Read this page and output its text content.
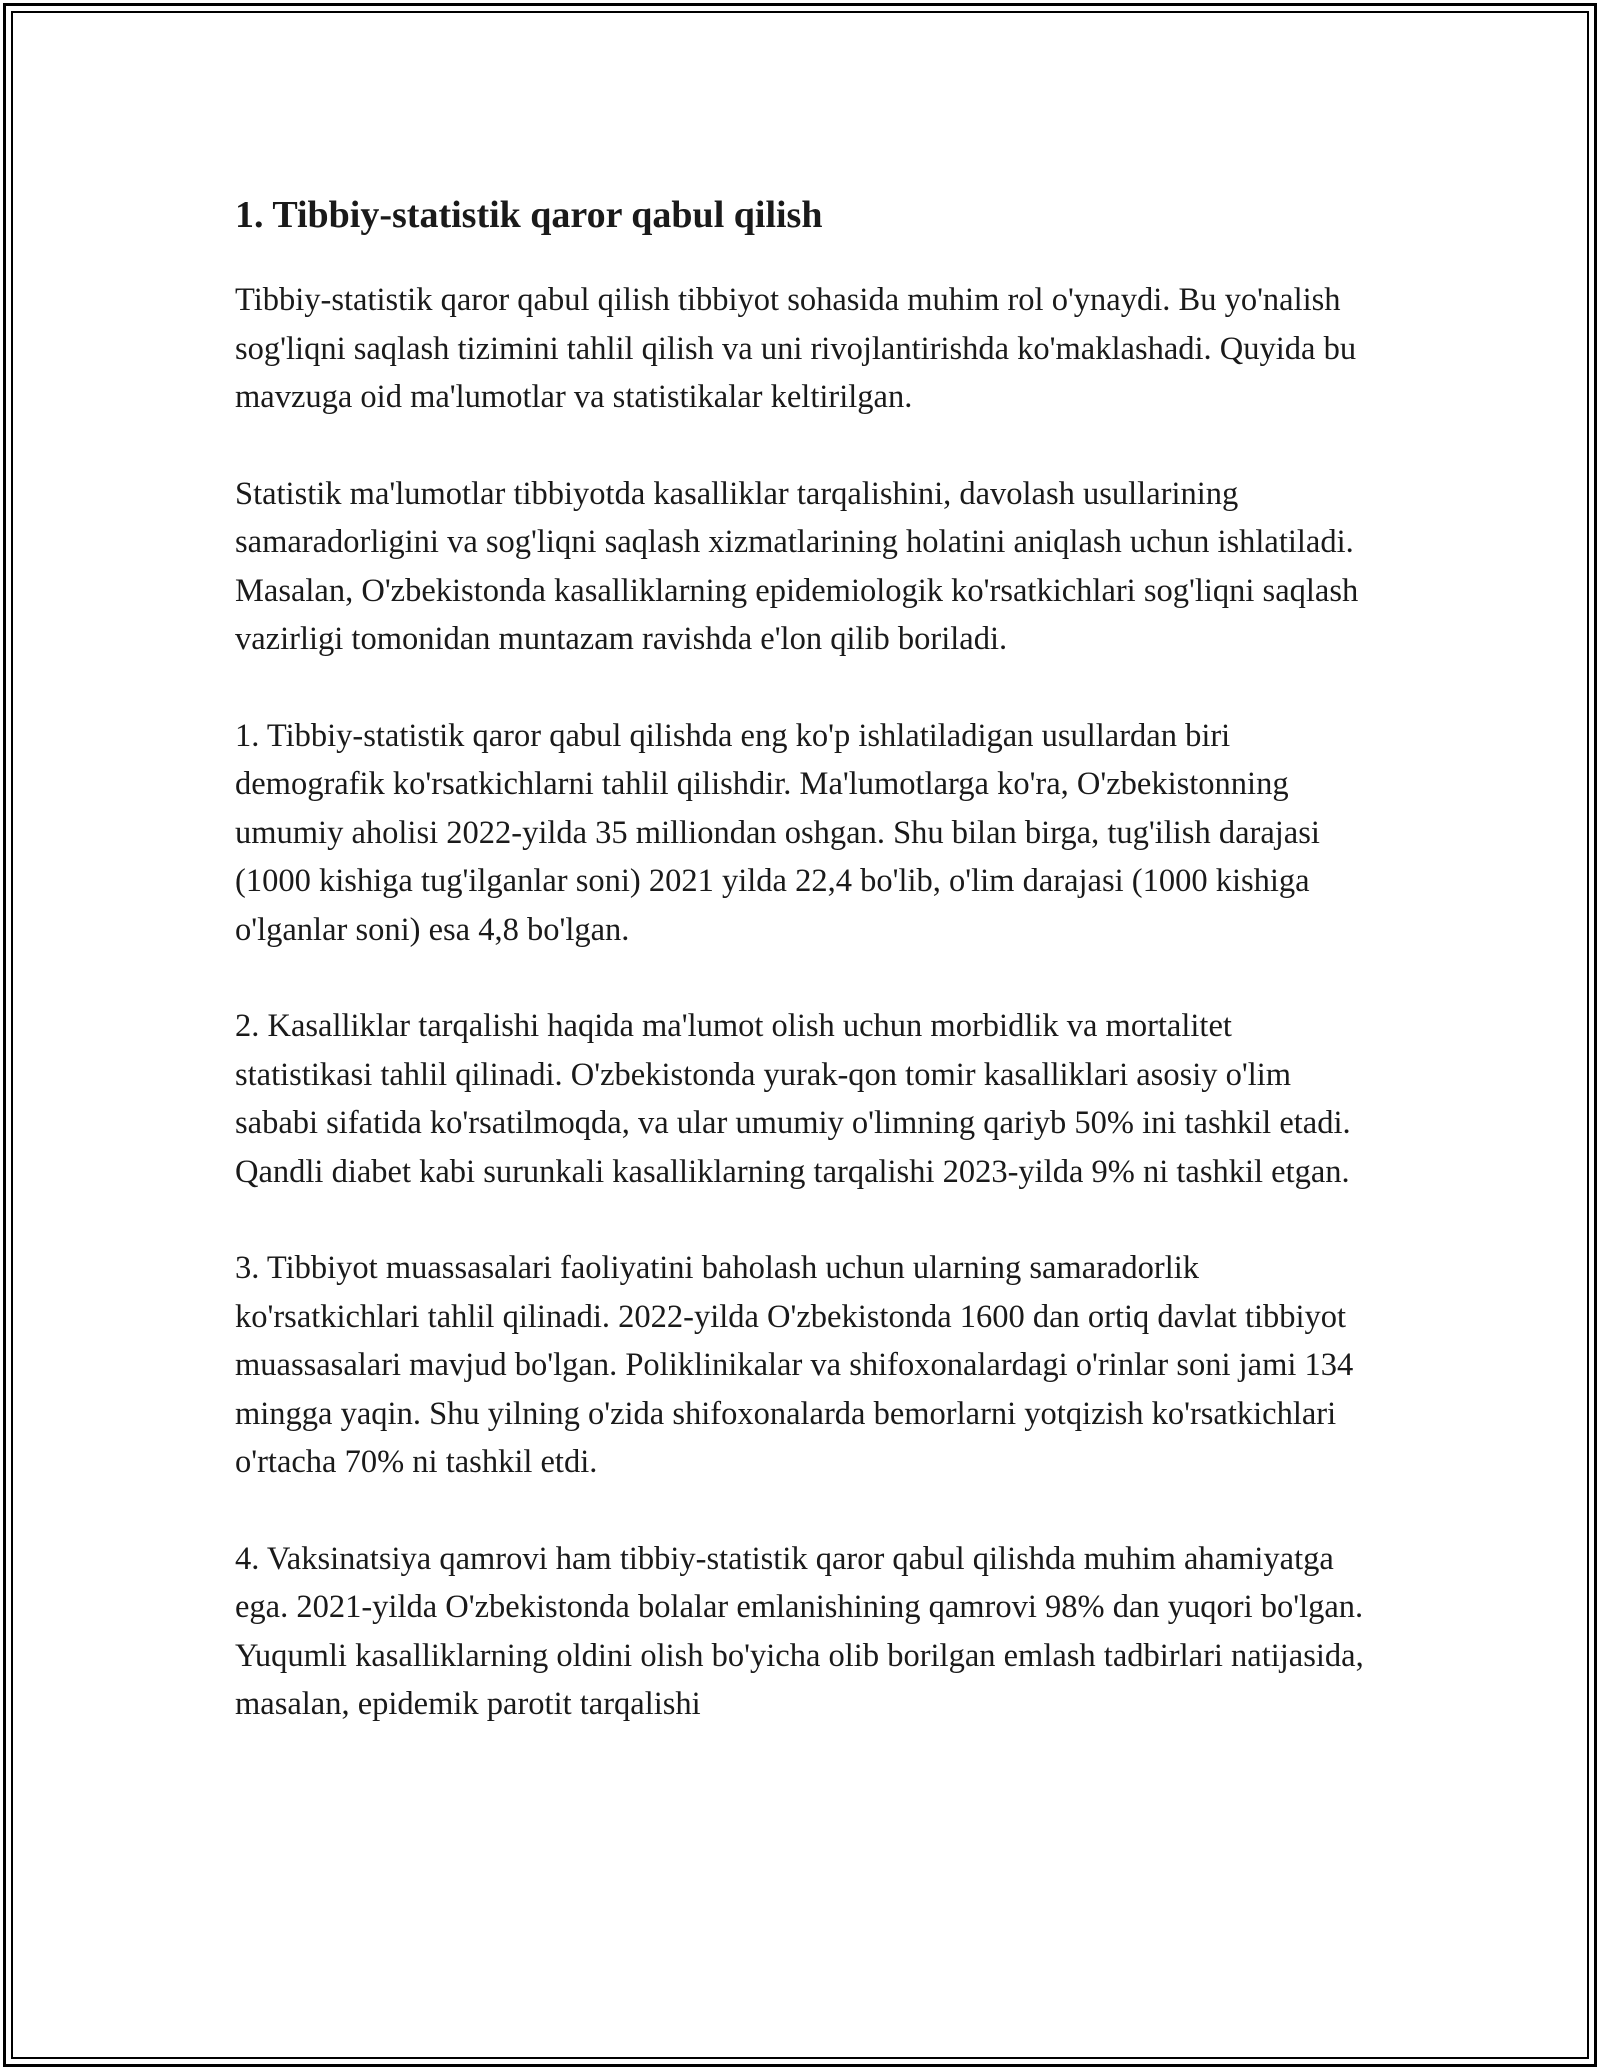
1. Tibbiy-statistik qaror qabul qilish

Tibbiy-statistik qaror qabul qilish tibbiyot sohasida muhim rol o'ynaydi. Bu yo'nalish sog'liqni saqlash tizimini tahlil qilish va uni rivojlantirishda ko'maklashadi. Quyida bu mavzuga oid ma'lumotlar va statistikalar keltirilgan.

Statistik ma'lumotlar tibbiyotda kasalliklar tarqalishini, davolash usullarining samaradorligini va sog'liqni saqlash xizmatlarining holatini aniqlash uchun ishlatiladi. Masalan, O'zbekistonda kasalliklarning epidemiologik ko'rsatkichlari sog'liqni saqlash vazirligi tomonidan muntazam ravishda e'lon qilib boriladi.

1. Tibbiy-statistik qaror qabul qilishda eng ko'p ishlatiladigan usullardan biri demografik ko'rsatkichlarni tahlil qilishdir. Ma'lumotlarga ko'ra, O'zbekistonning umumiy aholisi 2022-yilda 35 milliondan oshgan. Shu bilan birga, tug'ilish darajasi (1000 kishiga tug'ilganlar soni) 2021 yilda 22,4 bo'lib, o'lim darajasi (1000 kishiga o'lganlar soni) esa 4,8 bo'lgan.

2. Kasalliklar tarqalishi haqida ma'lumot olish uchun morbidlik va mortalitet statistikasi tahlil qilinadi. O'zbekistonda yurak-qon tomir kasalliklari asosiy o'lim sababi sifatida ko'rsatilmoqda, va ular umumiy o'limning qariyb 50% ini tashkil etadi. Qandli diabet kabi surunkali kasalliklarning tarqalishi 2023-yilda 9% ni tashkil etgan.

3. Tibbiyot muassasalari faoliyatini baholash uchun ularning samaradorlik ko'rsatkichlari tahlil qilinadi. 2022-yilda O'zbekistonda 1600 dan ortiq davlat tibbiyot muassasalari mavjud bo'lgan. Poliklinikalar va shifoxonalardagi o'rinlar soni jami 134 mingga yaqin. Shu yilning o'zida shifoxonalarda bemorlarni yotqizish ko'rsatkichlari o'rtacha 70% ni tashkil etdi.

4. Vaksinatsiya qamrovi ham tibbiy-statistik qaror qabul qilishda muhim ahamiyatga ega. 2021-yilda O'zbekistonda bolalar emlanishining qamrovi 98% dan yuqori bo'lgan. Yuqumli kasalliklarning oldini olish bo'yicha olib borilgan emlash tadbirlari natijasida, masalan, epidemik parotit tarqalishi
